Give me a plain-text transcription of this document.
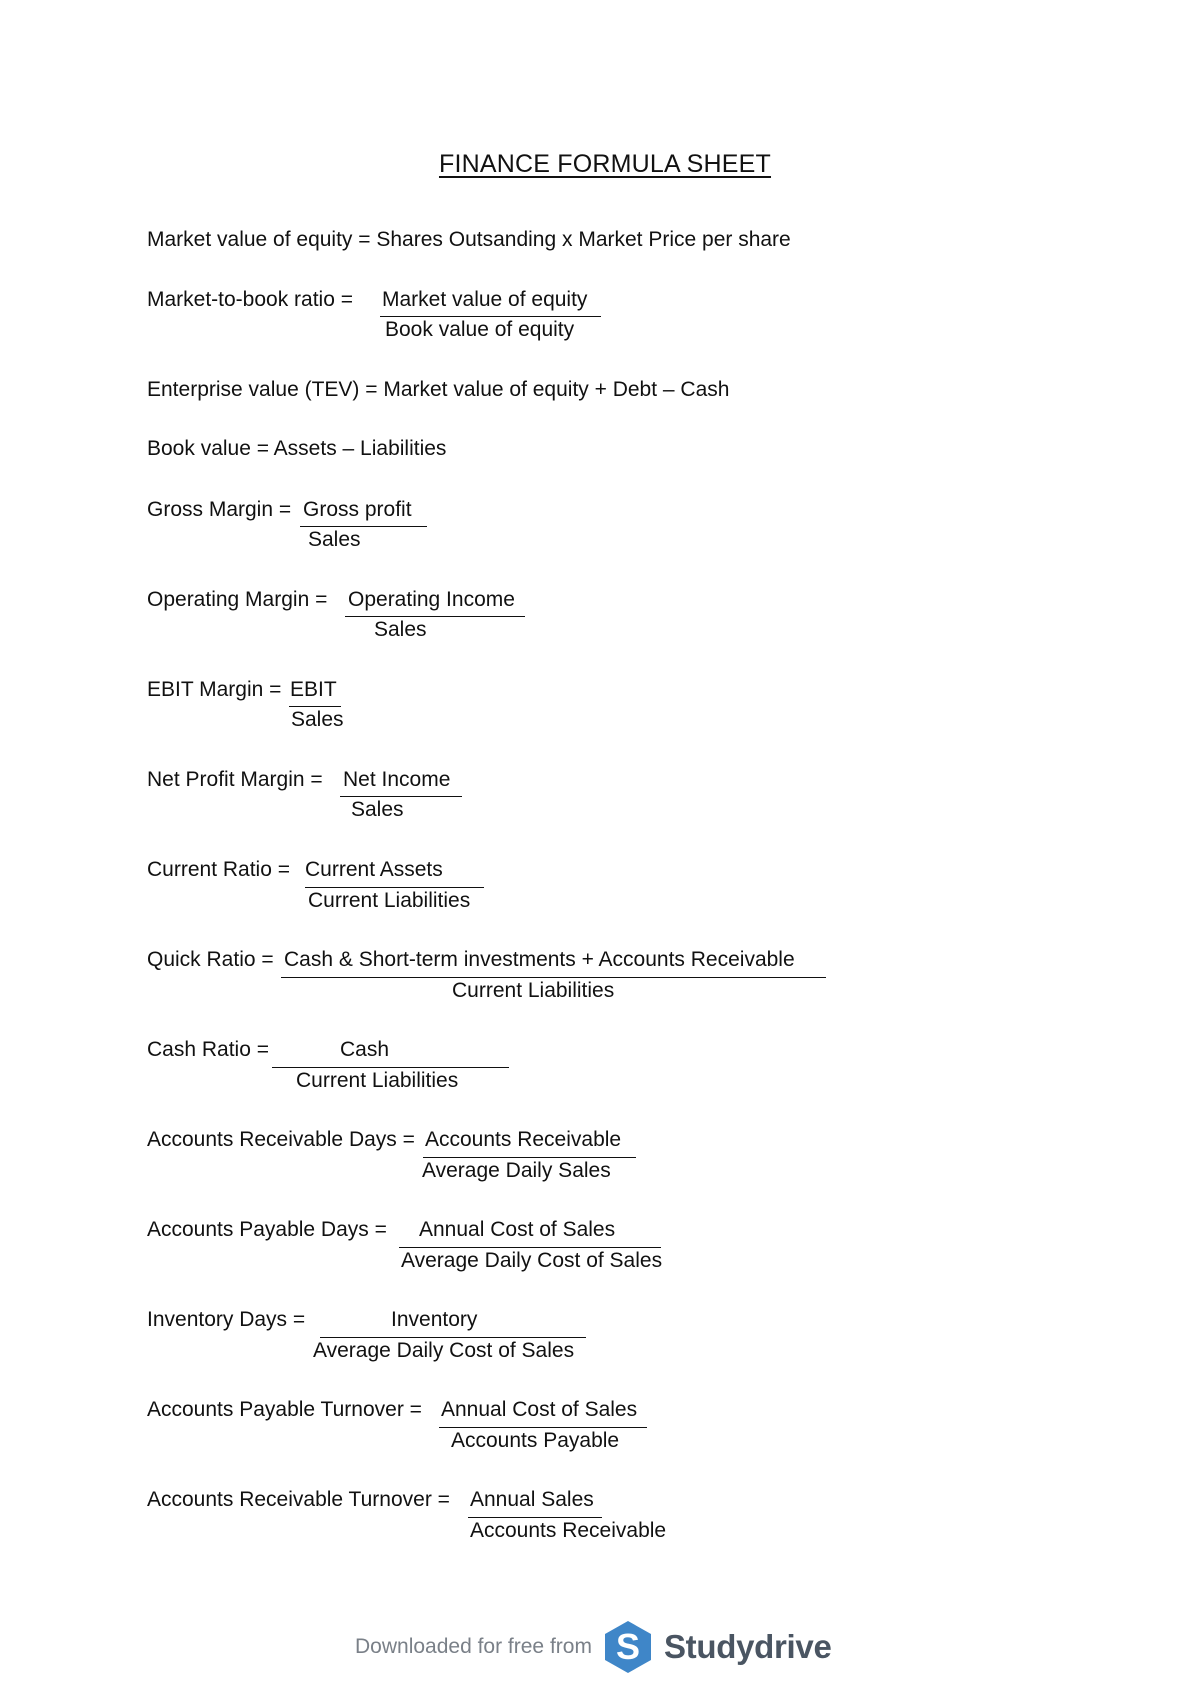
FINANCE FORMULA SHEET
Market value of equity = Shares Outsanding x Market Price per share
Market-to-book ratio = Market value of equity
Book value of equity
Enterprise value (TEV) = Market value of equity + Debt – Cash
Book value = Assets – Liabilities
Gross Margin = Gross profit
Sales
Operating Margin = Operating Income
Sales
EBIT Margin = EBIT
Sales
Net Profit Margin = Net Income
Sales
Current Ratio = Current Assets
Current Liabilities
Quick Ratio = Cash & Short-term investments + Accounts Receivable
Current Liabilities
Cash Ratio =	Cash
Current Liabilities
Accounts Receivable Days = Accounts Receivable
Average Daily Sales
Accounts Payable Days = Annual Cost of Sales
Average Daily Cost of Sales
Inventory Days =	Inventory
Average Daily Cost of Sales
Accounts Payable Turnover = Annual Cost of Sales
Accounts Payable
Accounts Receivable Turnover = Annual Sales
Accounts Receivable
Downloaded for free from S Studydrive
